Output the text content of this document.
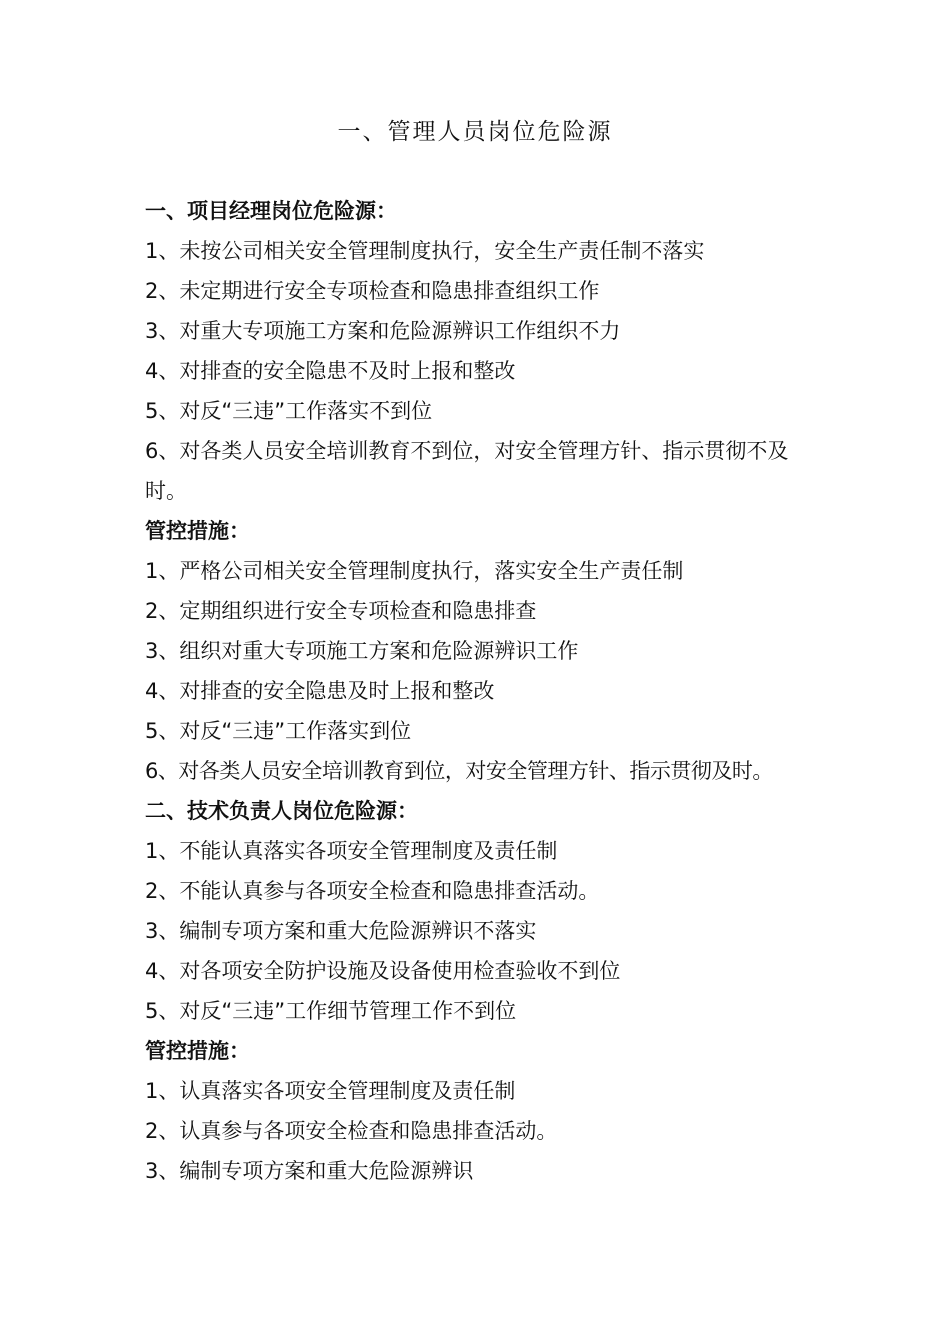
一、管理人员岗位危险源

一、项目经理岗位危险源：

1、未按公司相关安全管理制度执行，安全生产责任制不落实

2、未定期进行安全专项检查和隐患排查组织工作

3、对重大专项施工方案和危险源辨识工作组织不力

4、对排查的安全隐患不及时上报和整改

5、对反“三违”工作落实不到位

6、对各类人员安全培训教育不到位，对安全管理方针、指示贯彻不及时。

管控措施：

1、严格公司相关安全管理制度执行，落实安全生产责任制

2、定期组织进行安全专项检查和隐患排查

3、组织对重大专项施工方案和危险源辨识工作

4、对排查的安全隐患及时上报和整改

5、对反“三违”工作落实到位

6、对各类人员安全培训教育到位，对安全管理方针、指示贯彻及时。

二、技术负责人岗位危险源：

1、不能认真落实各项安全管理制度及责任制

2、不能认真参与各项安全检查和隐患排查活动。

3、编制专项方案和重大危险源辨识不落实

4、对各项安全防护设施及设备使用检查验收不到位

5、对反“三违”工作细节管理工作不到位

管控措施：

1、认真落实各项安全管理制度及责任制

2、认真参与各项安全检查和隐患排查活动。

3、编制专项方案和重大危险源辨识
